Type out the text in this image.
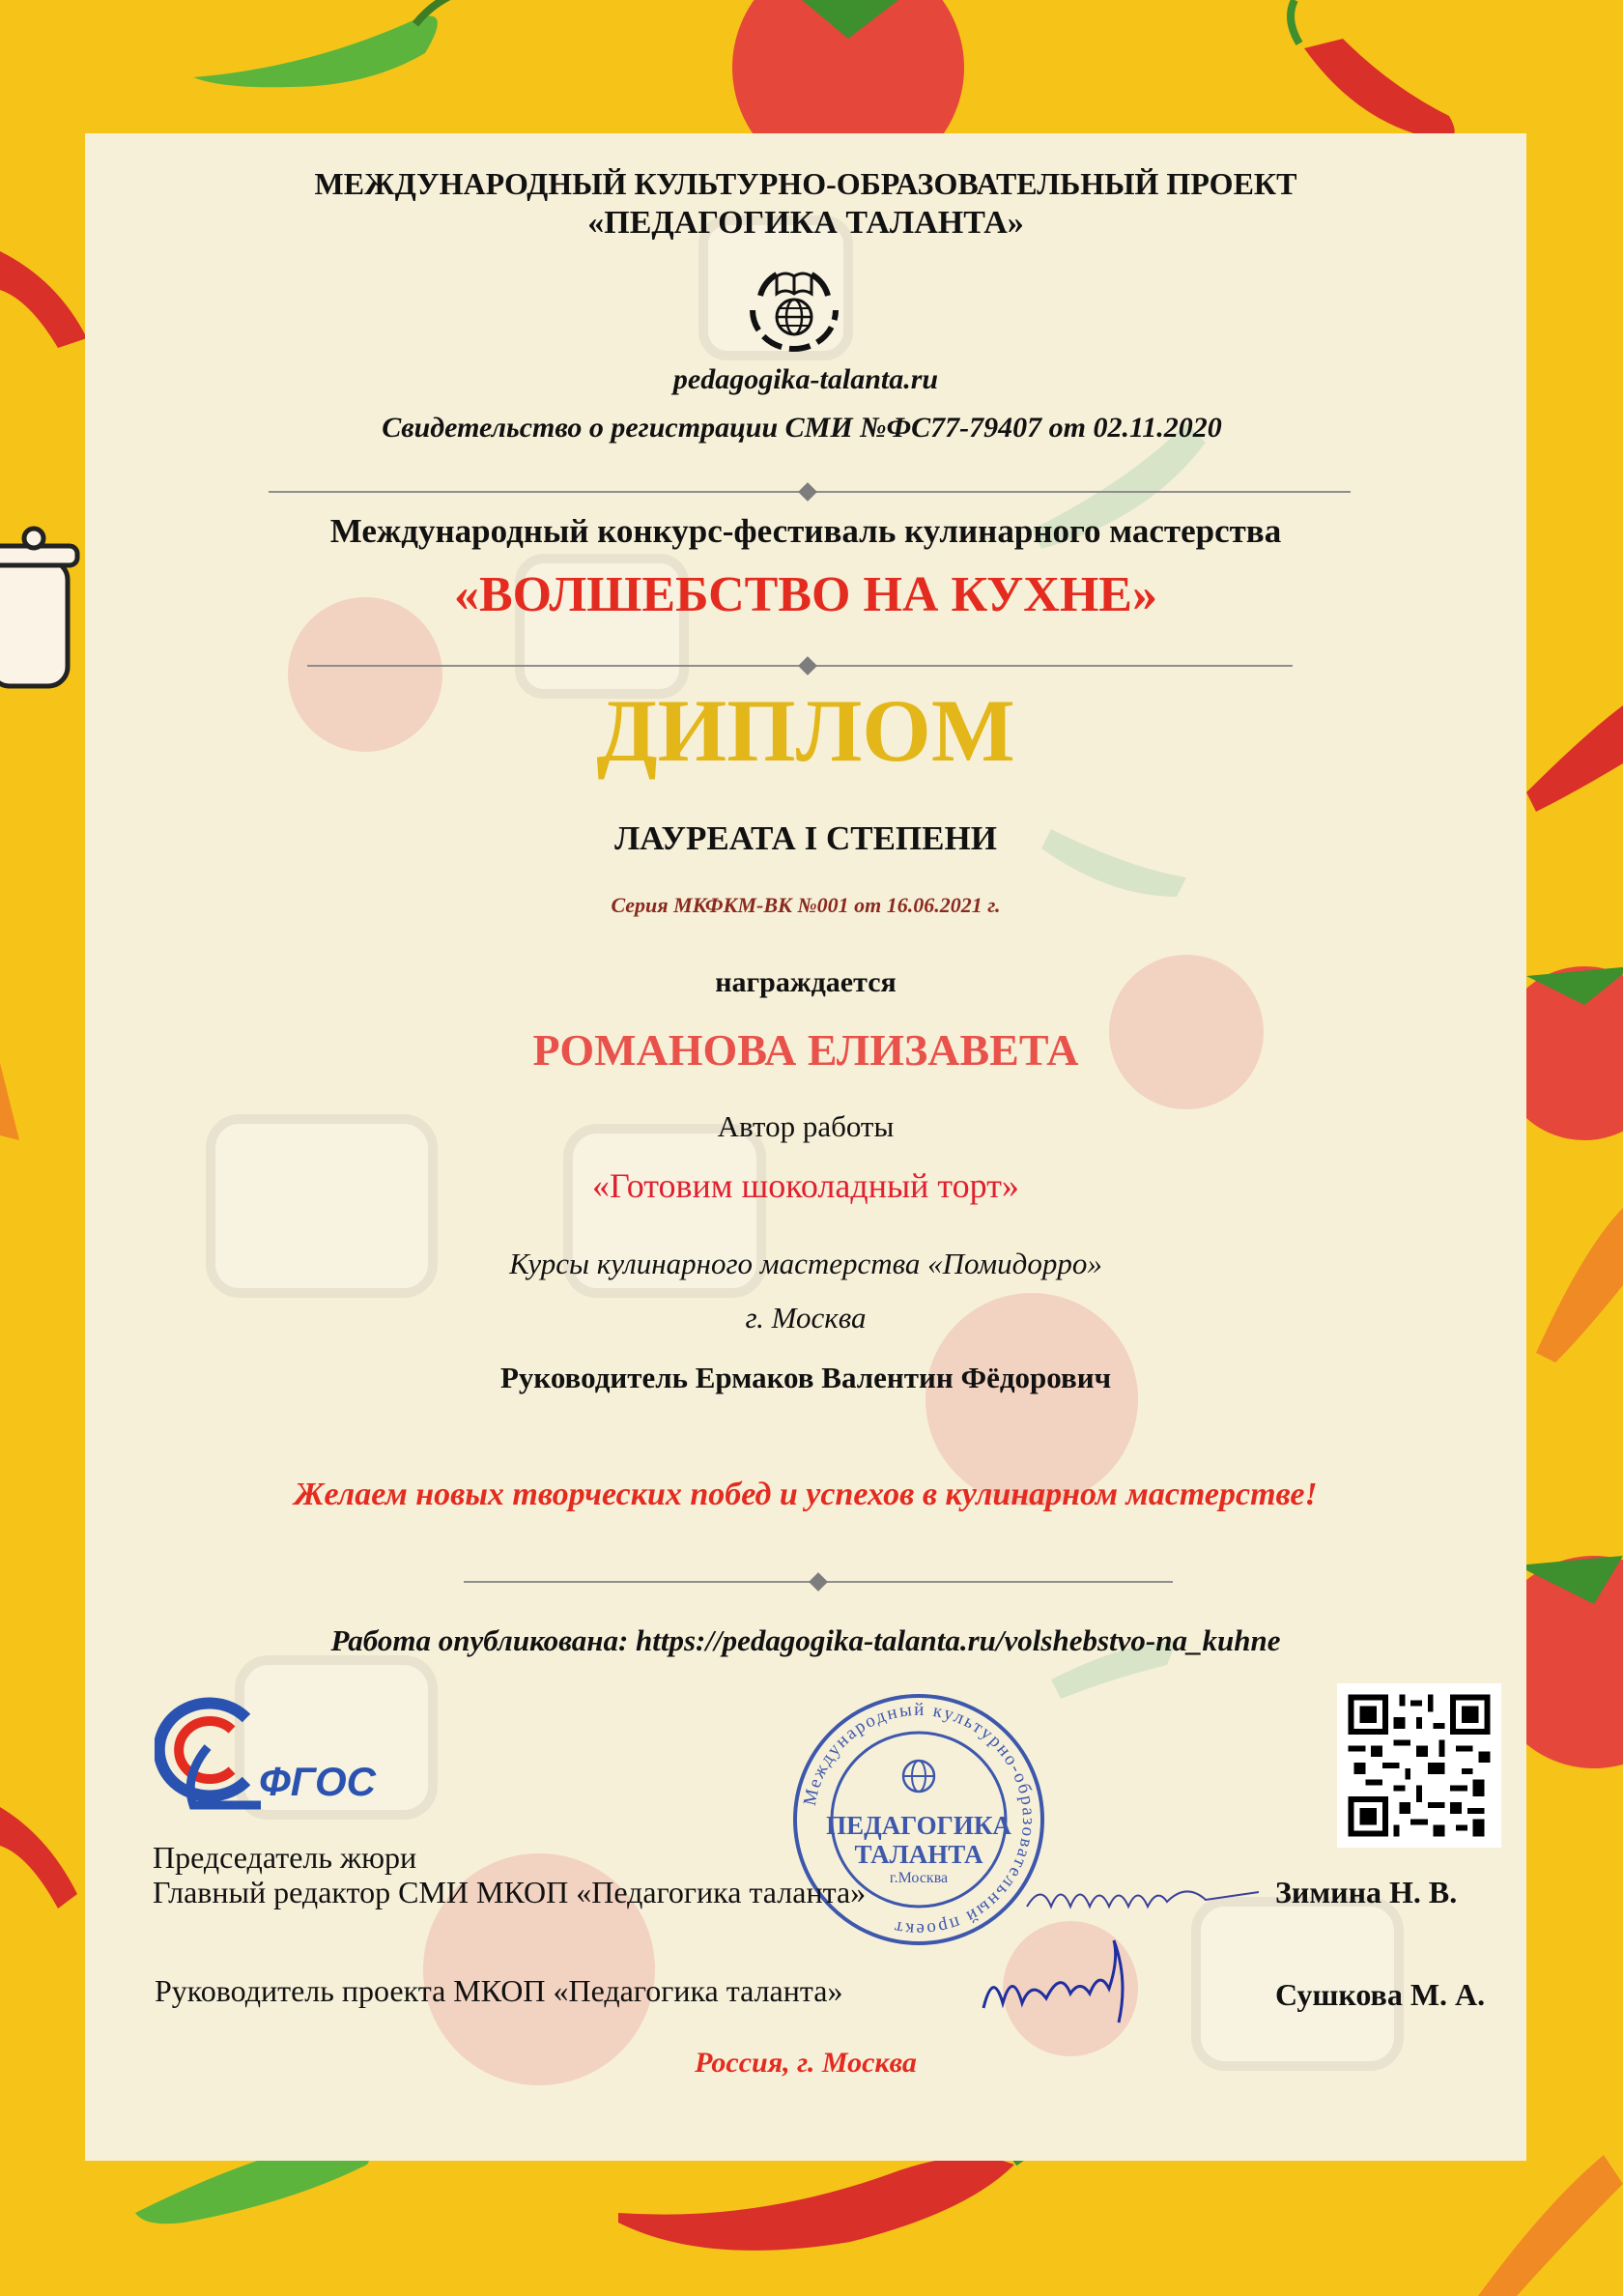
МЕЖДУНАРОДНЫЙ КУЛЬТУРНО-ОБРАЗОВАТЕЛЬНЫЙ ПРОЕКТ
«ПЕДАГОГИКА ТАЛАНТА»
pedagogika-talanta.ru
Свидетельство о регистрации СМИ №ФС77-79407 от 02.11.2020
Международный конкурс-фестиваль кулинарного мастерства
«ВОЛШЕБСТВО НА КУХНЕ»
ДИПЛОМ
ЛАУРЕАТА I СТЕПЕНИ
Серия МКФКМ-ВК №001 от 16.06.2021 г.
награждается
РОМАНОВА ЕЛИЗАВЕТА
Автор работы
«Готовим шоколадный торт»
Курсы кулинарного мастерства «Помидорро»
г. Москва
Руководитель Ермаков Валентин Фёдорович
Желаем новых творческих побед и успехов в кулинарном мастерстве!
Работа опубликована: https://pedagogika-talanta.ru/volshebstvo-na_kuhne
ФГОС	Международный культурно-образовательный проект
ПЕДАГОГИКА
ТАЛАНТА
г.Москва
Председатель жюри
Главный редактор СМИ МКОП «Педагогика таланта»	Зимина Н. В.
Руководитель проекта МКОП «Педагогика таланта»	Сушкова М. А.
Россия, г. Москва
